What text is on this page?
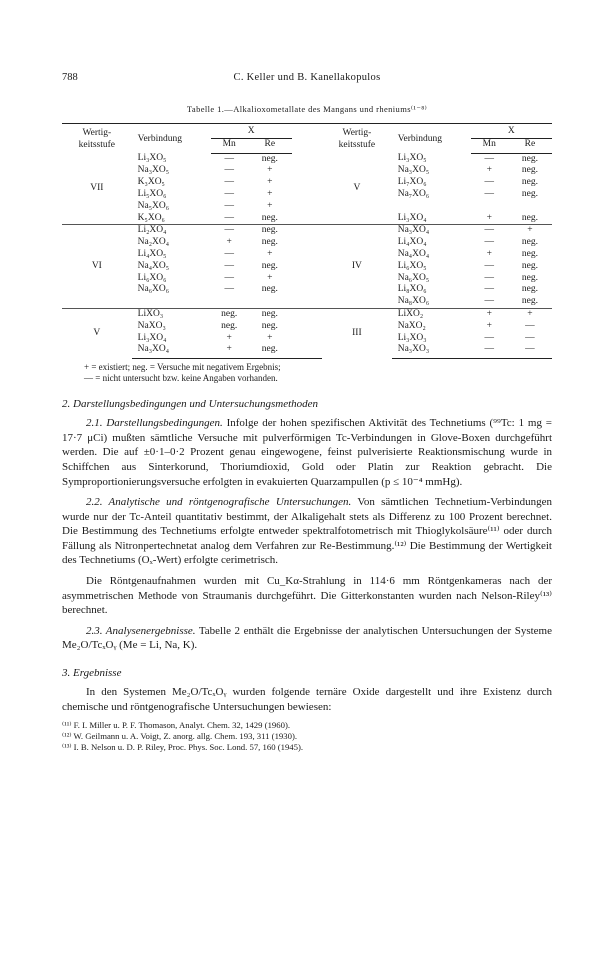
788	C. Keller und B. Kanellakopulos
Tabelle 1.—Alkalioxometallate des Mangans und rheniums⁽¹⁻⁸⁾
Wertig-
keitsstufe	Verbindung	X			Wertig-
keitsstufe	Verbindung	X	
		Mn	Re				Mn	Re
VII	Li₃XO₅	—	neg.		V	Li₃XO₅	—	neg.
	Na₃XO₅	—	+			Na₃XO₅	+	neg.
	K₃XO₅	—	+			Li₇XO₆	—	neg.
	Li₅XO₆	—	+			Na₇XO₆	—	neg.
	Na₅XO₆	—	+					
	K₅XO₆	—	neg.			Li₃XO₄	+	neg.
VI	Li₂XO₄	—	neg.		IV	Na₃XO₄	—	+
	Na₂XO₄	+	neg.			Li₄XO₄	—	neg.
	Li₄XO₅	—	+			Na₄XO₄	+	neg.
	Na₄XO₅	—	neg.			Li₆XO₅	—	neg.
	Li₆XO₆	—	+			Na₆XO₅	—	neg.
	Na₆XO₆	—	neg.			Li₈XO₆	—	neg.
						Na₈XO₆	—	neg.
V	LiXO₃	neg.	neg.		III	LiXO₂	+	+
	NaXO₃	neg.	neg.			NaXO₂	+	—
	Li₃XO₄	+	+			Li₃XO₃	—	—
	Na₃XO₄	+	neg.			Na₃XO₃	—	—
+ = existiert; neg. = Versuche mit negativem Ergebnis;
— = nicht untersucht bzw. keine Angaben vorhanden.
2. Darstellungsbedingungen und Untersuchungsmethoden
2.1. Darstellungsbedingungen. Infolge der hohen spezifischen Aktivität des Technetiums (⁹⁹Tc: 1 mg = 17·7 μCi) mußten sämtliche Versuche mit pulverförmigen Tc-Verbindungen in Glove-Boxen durchgeführt werden. Die auf ±0·1–0·2 Prozent genau eingewogene, feinst pulverisierte Reaktionsmischung wurde in Schiffchen aus Sinterkorund, Thoriumdioxid, Gold oder Platin zur Reaktion gebracht. Die Symproportionierungsversuche erfolgten in evakuierten Quarzampullen (p ≤ 10⁻⁴ mmHg).
2.2. Analytische und röntgenografische Untersuchungen. Von sämtlichen Technetium-Verbindungen wurde nur der Tc-Anteil quantitativ bestimmt, der Alkaligehalt stets als Differenz zu 100 Prozent berechnet. Die Bestimmung des Technetiums erfolgte entweder spektralfotometrisch mit Thioglykolsäure⁽¹¹⁾ oder durch Fällung als Nitronpertechnetat analog dem Verfahren zur Re-Bestimmung.⁽¹²⁾ Die Bestimmung der Wertigkeit des Technetiums (Oₓ-Wert) erfolgte cerimetrisch.
Die Röntgenaufnahmen wurden mit Cu_Kα-Strahlung in 114·6 mm Röntgenkameras nach der asymmetrischen Methode von Straumanis durchgeführt. Die Gitterkonstanten wurden nach Nelson-Riley⁽¹³⁾ berechnet.
2.3. Analysenergebnisse. Tabelle 2 enthält die Ergebnisse der analytischen Untersuchungen der Systeme Me₂O/TcₓOᵧ (Me = Li, Na, K).
3. Ergebnisse
In den Systemen Me₂O/TcₓOᵧ wurden folgende ternäre Oxide dargestellt und ihre Existenz durch chemische und röntgenografische Untersuchungen bewiesen:
⁽¹¹⁾ F. I. Miller u. P. F. Thomason, Analyt. Chem. 32, 1429 (1960).
⁽¹²⁾ W. Geilmann u. A. Voigt, Z. anorg. allg. Chem. 193, 311 (1930).
⁽¹³⁾ I. B. Nelson u. D. P. Riley, Proc. Phys. Soc. Lond. 57, 160 (1945).
